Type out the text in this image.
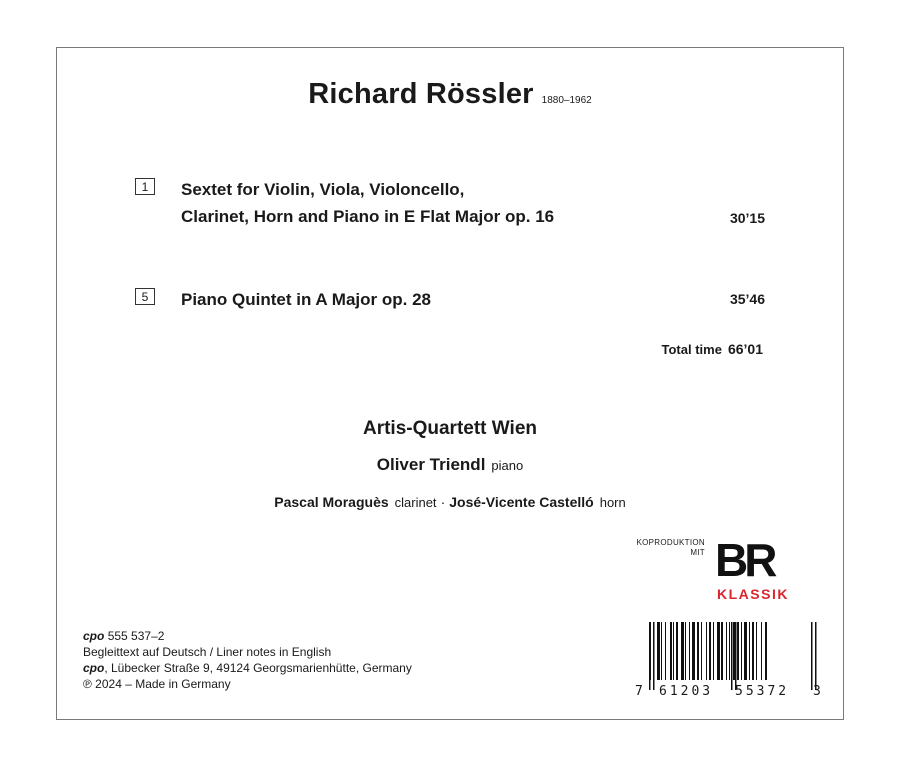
Richard Rössler 1880–1962
1	Sextet for Violin, Viola, Violoncello,
Clarinet, Horn and Piano in E Flat Major op. 16	30’15
5	Piano Quintet in A Major op. 28	35’46
Total time 66’01
Artis-Quartett Wien
Oliver Triendl piano
Pascal Moraguès clarinet · José-Vicente Castelló horn
KOPRODUKTION
MIT BR
KLASSIK
cpo 555 537–2
Begleittext auf Deutsch / Liner notes in English
cpo, Lübecker Straße 9, 49124 Georgsmarienhütte, Germany
℗ 2024 – Made in Germany	7 61203 55372 3
